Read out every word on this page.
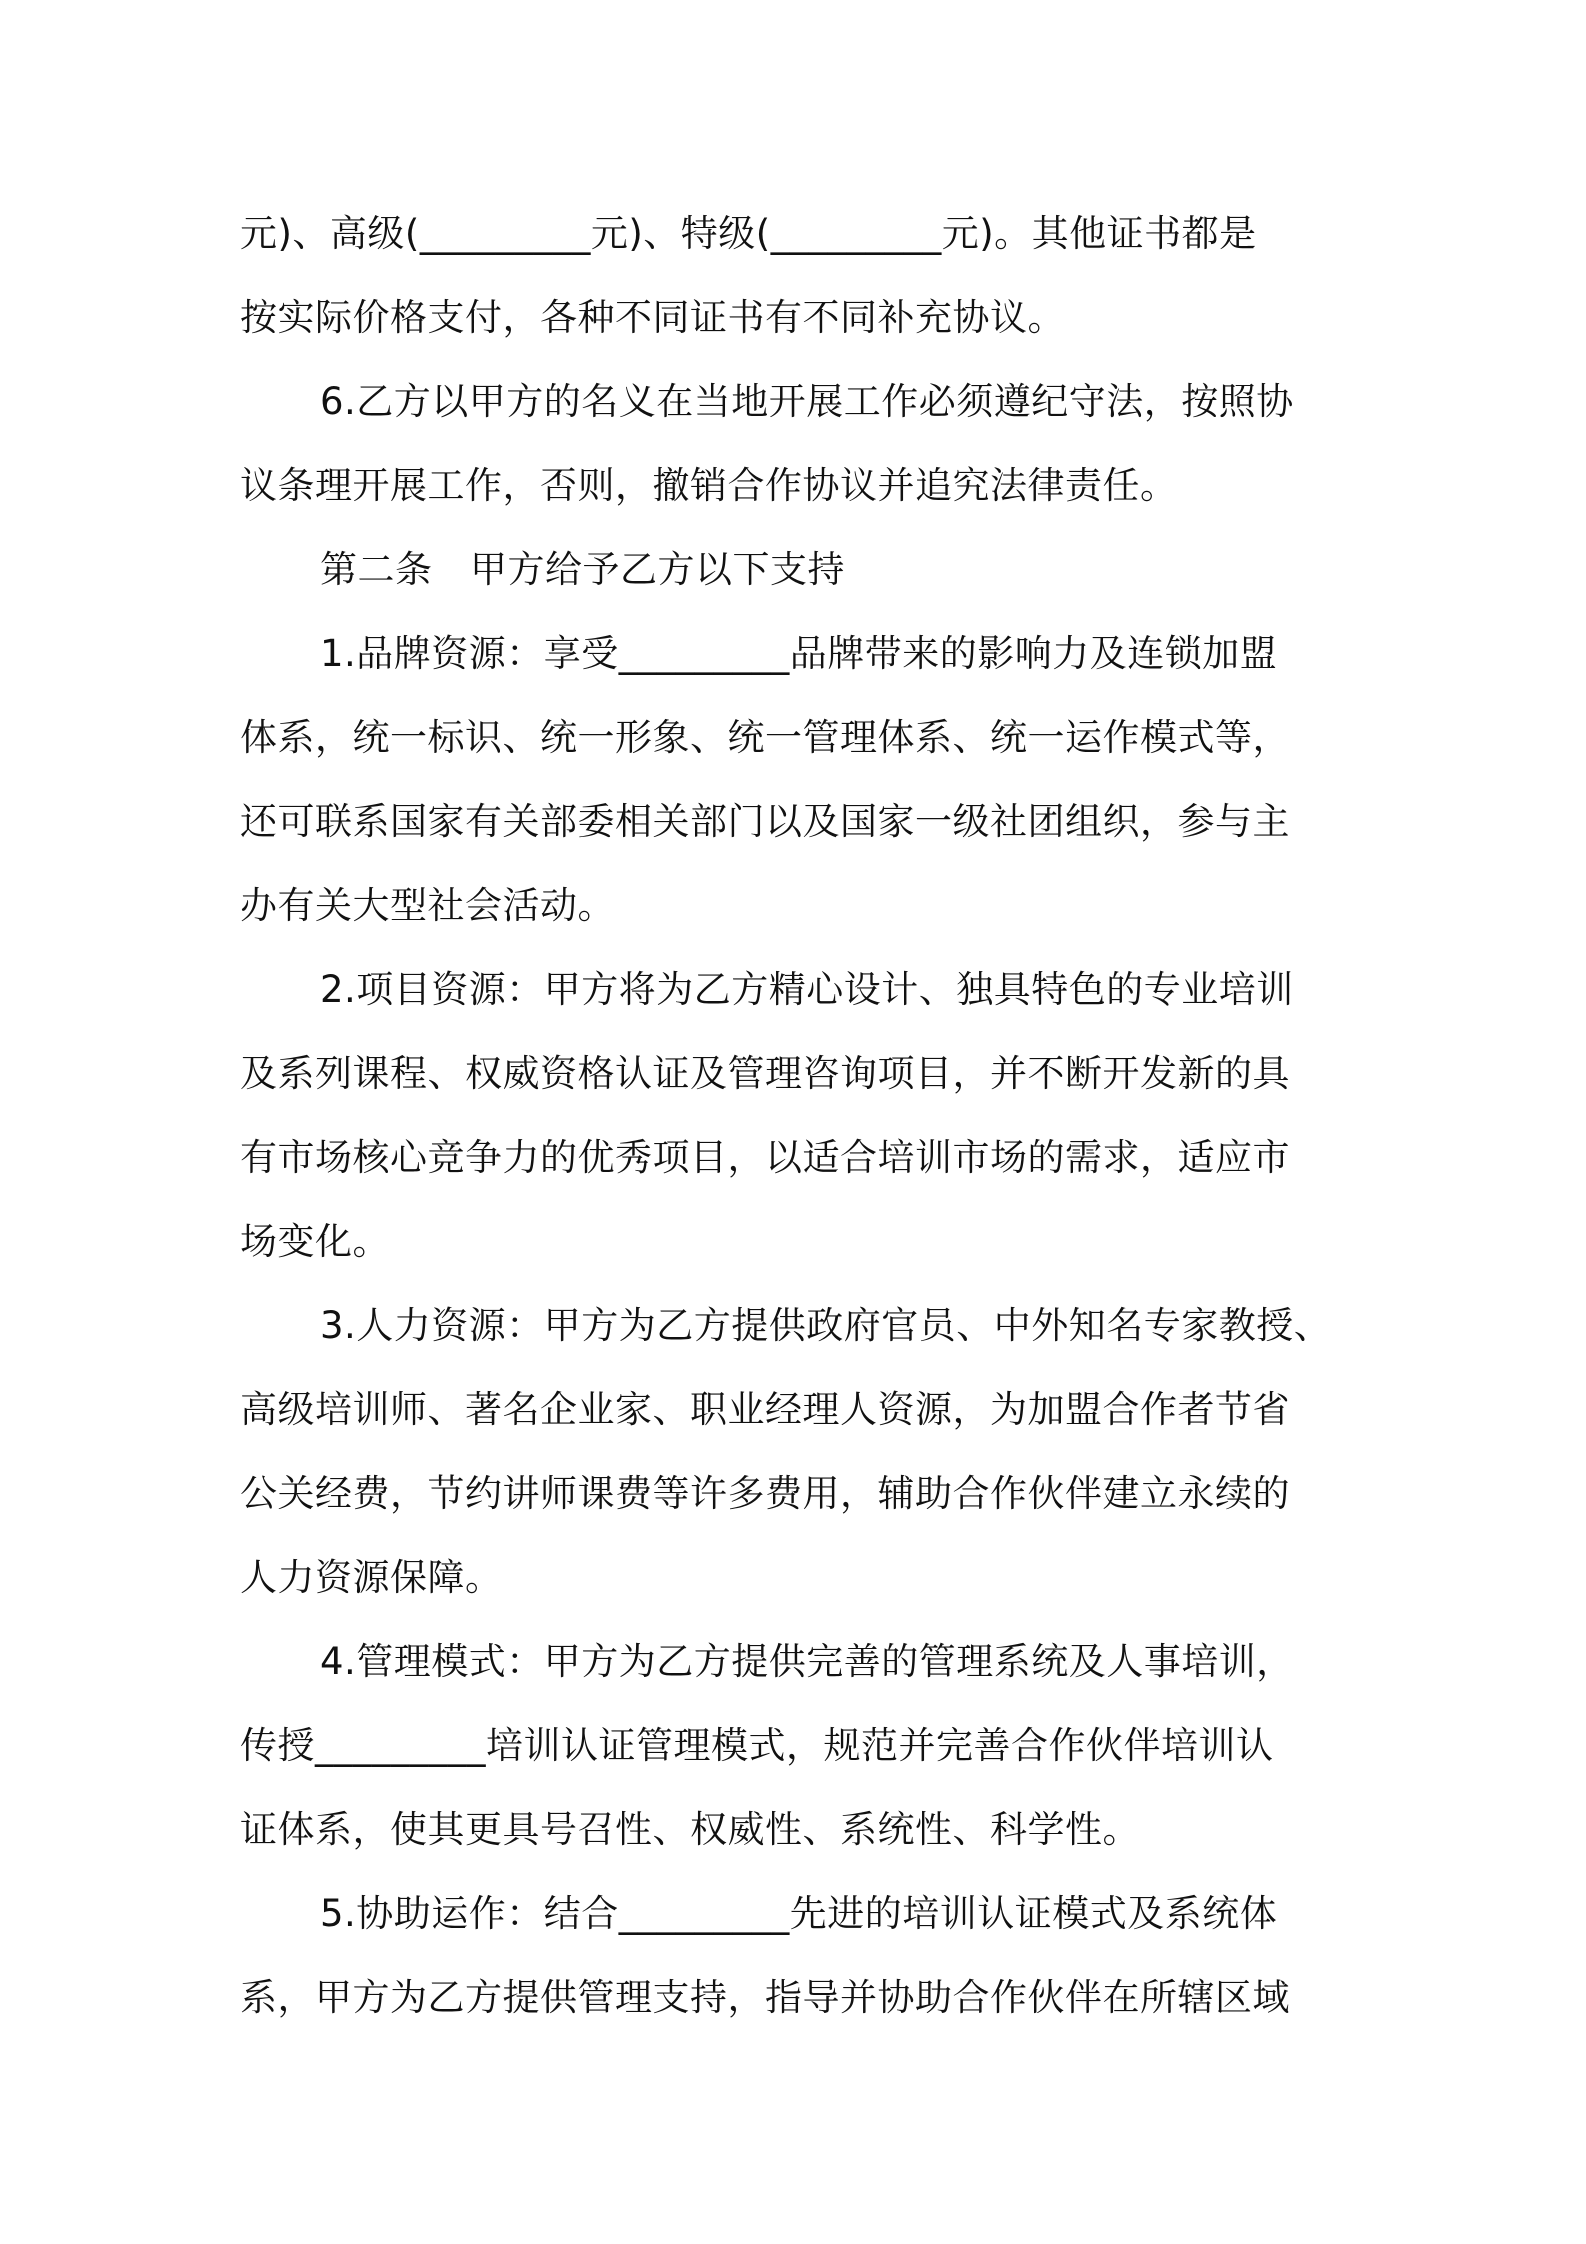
元)、高级(_________元)、特级(_________元)。其他证书都是
按实际价格支付，各种不同证书有不同补充协议。
6.乙方以甲方的名义在当地开展工作必须遵纪守法，按照协
议条理开展工作，否则，撤销合作协议并追究法律责任。
第二条　甲方给予乙方以下支持
1.品牌资源：享受_________品牌带来的影响力及连锁加盟
体系，统一标识、统一形象、统一管理体系、统一运作模式等，
还可联系国家有关部委相关部门以及国家一级社团组织，参与主
办有关大型社会活动。
2.项目资源：甲方将为乙方精心设计、独具特色的专业培训
及系列课程、权威资格认证及管理咨询项目，并不断开发新的具
有市场核心竞争力的优秀项目，以适合培训市场的需求，适应市
场变化。
3.人力资源：甲方为乙方提供政府官员、中外知名专家教授、
高级培训师、著名企业家、职业经理人资源，为加盟合作者节省
公关经费，节约讲师课费等许多费用，辅助合作伙伴建立永续的
人力资源保障。
4.管理模式：甲方为乙方提供完善的管理系统及人事培训，
传授_________培训认证管理模式，规范并完善合作伙伴培训认
证体系，使其更具号召性、权威性、系统性、科学性。
5.协助运作：结合_________先进的培训认证模式及系统体
系，甲方为乙方提供管理支持，指导并协助合作伙伴在所辖区域
